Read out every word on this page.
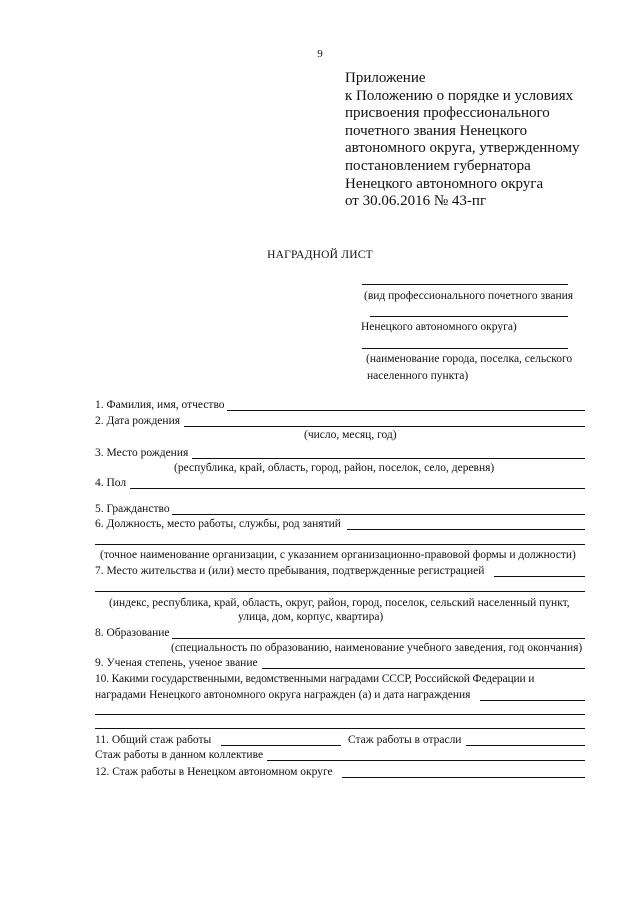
9
Приложение
к Положению о порядке и условиях
присвоения профессионального
почетного звания Ненецкого
автономного округа, утвержденному
постановлением губернатора
Ненецкого автономного округа
от 30.06.2016 № 43-пг
НАГРАДНОЙ ЛИСТ
(вид профессионального почетного звания
Ненецкого автономного округа)
(наименование города, поселка, сельского
населенного пункта)
1. Фамилия, имя, отчество
2. Дата рождения
(число, месяц, год)
3. Место рождения
(республика, край, область, город, район, поселок, село, деревня)
4. Пол
5. Гражданство
6. Должность, место работы, службы, род занятий
(точное наименование организации, с указанием организационно-правовой формы и должности)
7. Место жительства и (или) место пребывания, подтвержденные регистрацией
(индекс, республика, край, область, округ, район, город, поселок, сельский населенный пункт,
улица, дом, корпус, квартира)
8. Образование
(специальность по образованию, наименование учебного заведения, год окончания)
9. Ученая степень, ученое звание
10. Какими государственными, ведомственными наградами СССР, Российской Федерации и
наградами Ненецкого автономного округа награжден (а) и дата награждения
11. Общий стаж работы	Стаж работы в отрасли
Стаж работы в данном коллективе
12. Стаж работы в Ненецком автономном округе
